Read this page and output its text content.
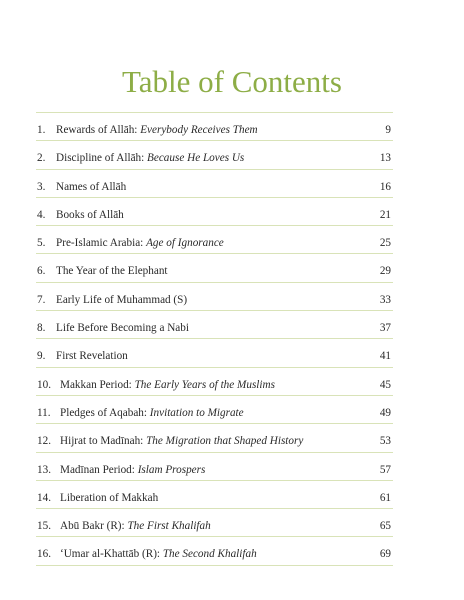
Table of Contents
1. Rewards of Allāh: Everybody Receives Them	9
2. Discipline of Allāh: Because He Loves Us	13
3. Names of Allāh	16
4. Books of Allāh	21
5. Pre-Islamic Arabia: Age of Ignorance	25
6. The Year of the Elephant	29
7. Early Life of Muhammad (S)	33
8. Life Before Becoming a Nabi	37
9. First Revelation	41
10. Makkan Period: The Early Years of the Muslims	45
11. Pledges of Aqabah: Invitation to Migrate	49
12. Hijrat to Madīnah: The Migration that Shaped History	53
13. Madīnan Period: Islam Prospers	57
14. Liberation of Makkah	61
15. Abū Bakr (R): The First Khalifah	65
16. ‘Umar al-Khattāb (R): The Second Khalifah	69
